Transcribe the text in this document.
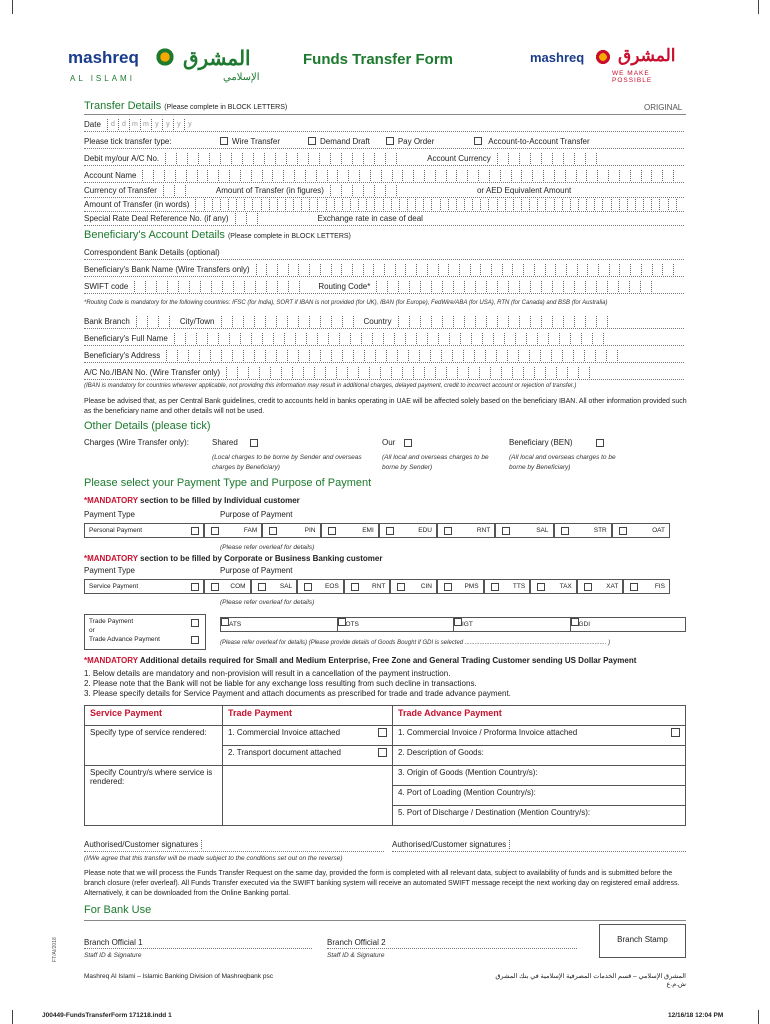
mashreq المشرق
AL ISLAMI	الإسلامي
Funds Transfer Form	mashreq المشرق
WE MAKE POSSIBLE
Transfer Details (Please complete in BLOCK LETTERS)	ORIGINAL
Date	d	d m m y	y	y	y
Please tick transfer type:	Wire Transfer	Demand Draft	Pay Order	Account-to-Account Transfer
Debit my/our A/C No.	Account Currency
Account Name
Currency of Transfer	Amount of Transfer (in figures)	or AED Equivalent Amount
Amount of Transfer (in words)
Special Rate Deal Reference No. (if any)	Exchange rate in case of deal
Beneficiary's Account Details (Please complete in BLOCK LETTERS)
Correspondent Bank Details (optional)
Beneficiary's Bank Name (Wire Transfers only)
SWIFT code	Routing Code*
*Routing Code is mandatory for the following countries: IFSC (for India), SORT if IBAN is not provided (for UK), IBAN (for Europe), FedWire/ABA (for USA), RTN (for Canada) and BSB (for Australia)
Bank Branch	City/Town	Country
Beneficiary's Full Name
Beneficiary's Address
A/C No./IBAN No. (Wire Transfer only)
(IBAN is mandatory for countries wherever applicable, not providing this information may result in additional charges, delayed payment, credit to incorrect account or rejection of transfer.)
Please be advised that, as per Central Bank guidelines, credit to accounts held in banks operating in UAE will be affected solely based on the beneficiary IBAN. All other information provided such as the beneficiary name and other details will not be used.
Other Details (please tick)
Charges (Wire Transfer only):	Shared
(Local charges to be borne by Sender and overseas charges by Beneficiary)
Our
(All local and overseas charges to be borne by Sender)
Beneficiary (BEN)
(All local and overseas charges to be borne by Beneficiary)
Please select your Payment Type and Purpose of Payment
*MANDATORY section to be filled by Individual customer
Payment Type	Purpose of Payment
Personal Payment	FAM	PIN	EMI	EDU	RNT	SAL	STR	OAT
(Please refer overleaf for details)
*MANDATORY section to be filled by Corporate or Business Banking customer
Payment Type	Purpose of Payment
Service Payment	COM	SAL	EOS	RNT	CIN	PMS	TTS	TAX	XAT	FIS
(Please refer overleaf for details)
Trade Payment
or
Trade Advance Payment
ATS	OTS	IGT	GDI
(Please refer overleaf for details) (Please provide details of Goods Bought if GDI is selected ..................................................................................... )
*MANDATORY Additional details required for Small and Medium Enterprise, Free Zone and General Trading Customer sending US Dollar Payment
1. Below details are mandatory and non-provision will result in a cancellation of the payment instruction.
2. Please note that the Bank will not be liable for any exchange loss resulting from such decline in transactions.
3. Please specify details for Service Payment and attach documents as prescribed for trade and trade advance payment.
Service Payment	Trade Payment	Trade Advance Payment
Specify type of service rendered:	1. Commercial Invoice attached	1. Commercial Invoice / Proforma Invoice attached

	2. Transport document attached	2. Description of Goods:
Specify Country/s where service is rendered:		3. Origin of Goods (Mention Country/s):
		4. Port of Loading (Mention Country/s):
		5. Port of Discharge / Destination (Mention Country/s):
Authorised/Customer signatures	Authorised/Customer signatures
(I/We agree that this transfer will be made subject to the conditions set out on the reverse)
Please note that we will process the Funds Transfer Request on the same day, provided the form is completed with all relevant data, subject to availability of funds and is submitted before the branch closure (refer overleaf). All Funds Transfer executed via the SWIFT banking system will receive an automated SWIFT message receipt the next working day on registered email address. Alternatively, it can be downloaded from the Online Banking portal.
For Bank Use
Branch Official 1
Staff ID & Signature
Branch Official 2
Staff ID & Signature
Branch Stamp
FT/AI/2018
Mashreq Al Islami – Islamic Banking Division of Mashreqbank psc	المشرق الإسلامي – قسم الخدمات المصرفية الإسلامية في بنك المشرق ش.م.ع
J00449-FundsTransferForm 171218.indd 1	12/16/18 12:04 PM
